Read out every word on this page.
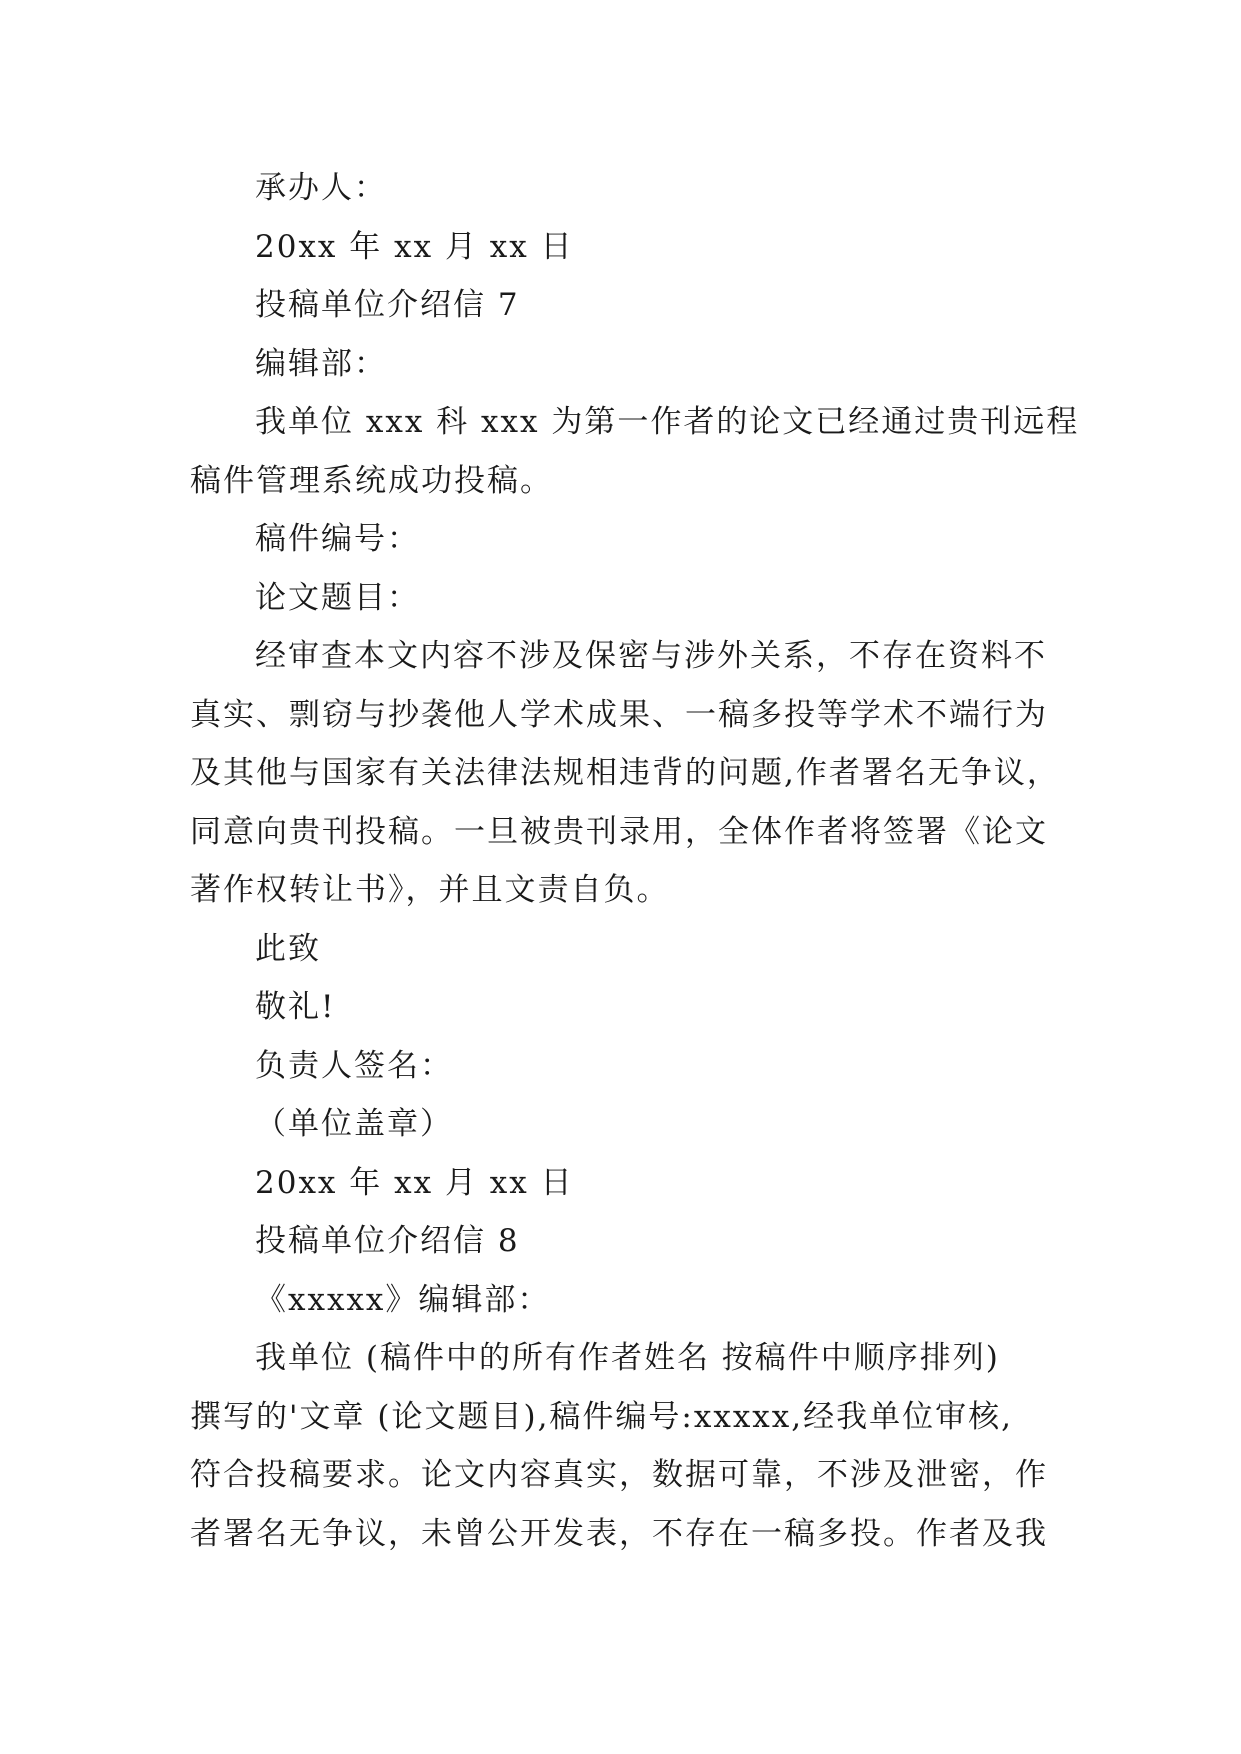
承办人：
20xx 年 xx 月 xx 日
投稿单位介绍信 7
编辑部：
我单位 xxx 科 xxx 为第一作者的论文已经通过贵刊远程
稿件管理系统成功投稿。
稿件编号：
论文题目：
经审查本文内容不涉及保密与涉外关系，不存在资料不
真实、剽窃与抄袭他人学术成果、一稿多投等学术不端行为
及其他与国家有关法律法规相违背的问题,作者署名无争议，
同意向贵刊投稿。一旦被贵刊录用，全体作者将签署《论文
著作权转让书》，并且文责自负。
此致
敬礼!
负责人签名：
（单位盖章）
20xx 年 xx 月 xx 日
投稿单位介绍信 8
《xxxxx》编辑部：
我单位 (稿件中的所有作者姓名 按稿件中顺序排列)
撰写的'文章 (论文题目),稿件编号:xxxxx,经我单位审核,
符合投稿要求。论文内容真实，数据可靠，不涉及泄密，作
者署名无争议，未曾公开发表，不存在一稿多投。作者及我
